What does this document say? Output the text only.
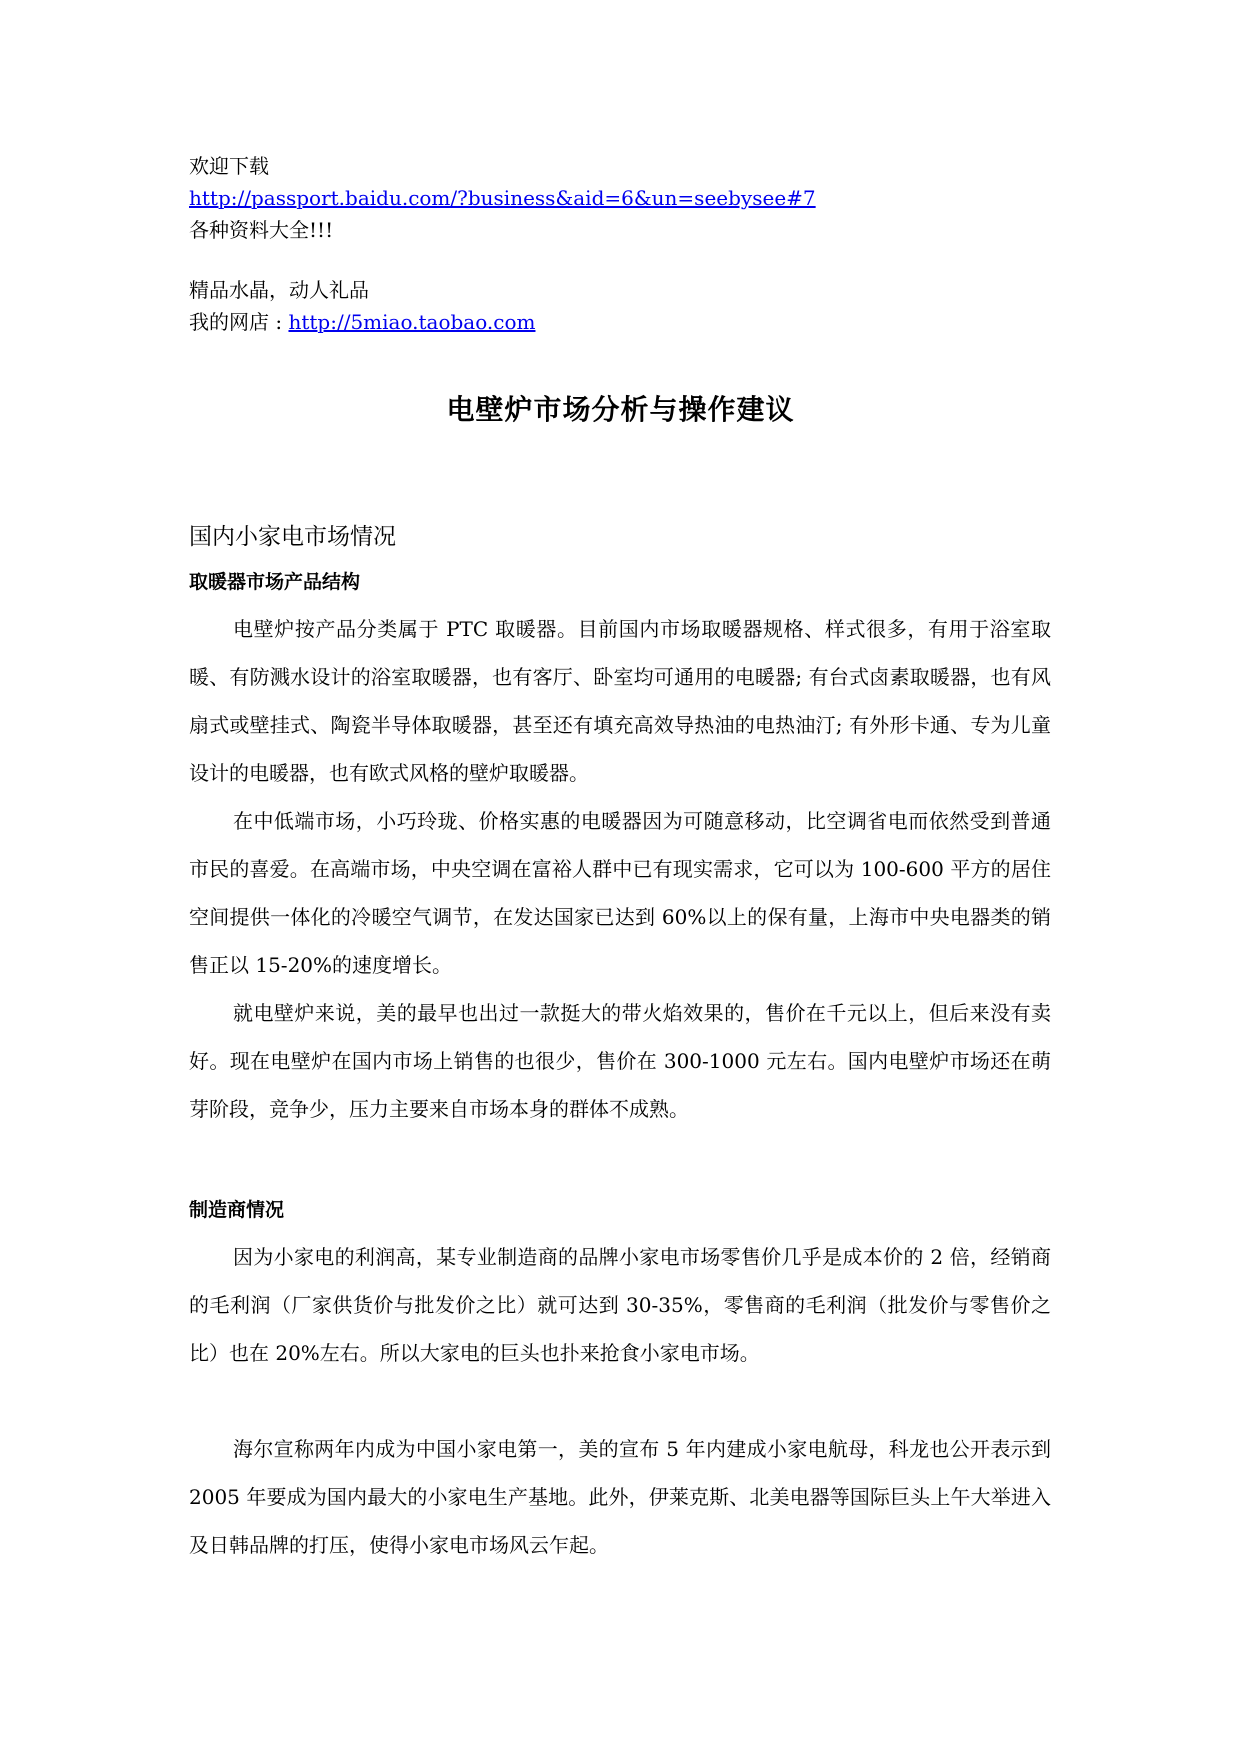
欢迎下载
http://passport.baidu.com/?business&aid=6&un=seebysee#7
各种资料大全!!!
精品水晶，动人礼品
我的网店 : http://5miao.taobao.com
电壁炉市场分析与操作建议
国内小家电市场情况
取暖器市场产品结构

电壁炉按产品分类属于 PTC 取暖器。目前国内市场取暖器规格、样式很多，有用于浴室取暖、有防溅水设计的浴室取暖器，也有客厅、卧室均可通用的电暖器; 有台式卤素取暖器，也有风扇式或壁挂式、陶瓷半导体取暖器，甚至还有填充高效导热油的电热油汀; 有外形卡通、专为儿童设计的电暖器，也有欧式风格的壁炉取暖器。

在中低端市场，小巧玲珑、价格实惠的电暖器因为可随意移动，比空调省电而依然受到普通市民的喜爱。在高端市场，中央空调在富裕人群中已有现实需求，它可以为 100-600 平方的居住空间提供一体化的冷暖空气调节，在发达国家已达到 60%以上的保有量，上海市中央电器类的销售正以 15-20%的速度增长。

就电壁炉来说，美的最早也出过一款挺大的带火焰效果的，售价在千元以上，但后来没有卖好。现在电壁炉在国内市场上销售的也很少，售价在 300-1000 元左右。国内电壁炉市场还在萌芽阶段，竞争少，压力主要来自市场本身的群体不成熟。

制造商情况

因为小家电的利润高，某专业制造商的品牌小家电市场零售价几乎是成本价的 2 倍，经销商的毛利润（厂家供货价与批发价之比）就可达到 30-35%，零售商的毛利润（批发价与零售价之比）也在 20%左右。所以大家电的巨头也扑来抢食小家电市场。

海尔宣称两年内成为中国小家电第一，美的宣布 5 年内建成小家电航母，科龙也公开表示到 2005 年要成为国内最大的小家电生产基地。此外，伊莱克斯、北美电器等国际巨头上午大举进入及日韩品牌的打压，使得小家电市场风云乍起。
